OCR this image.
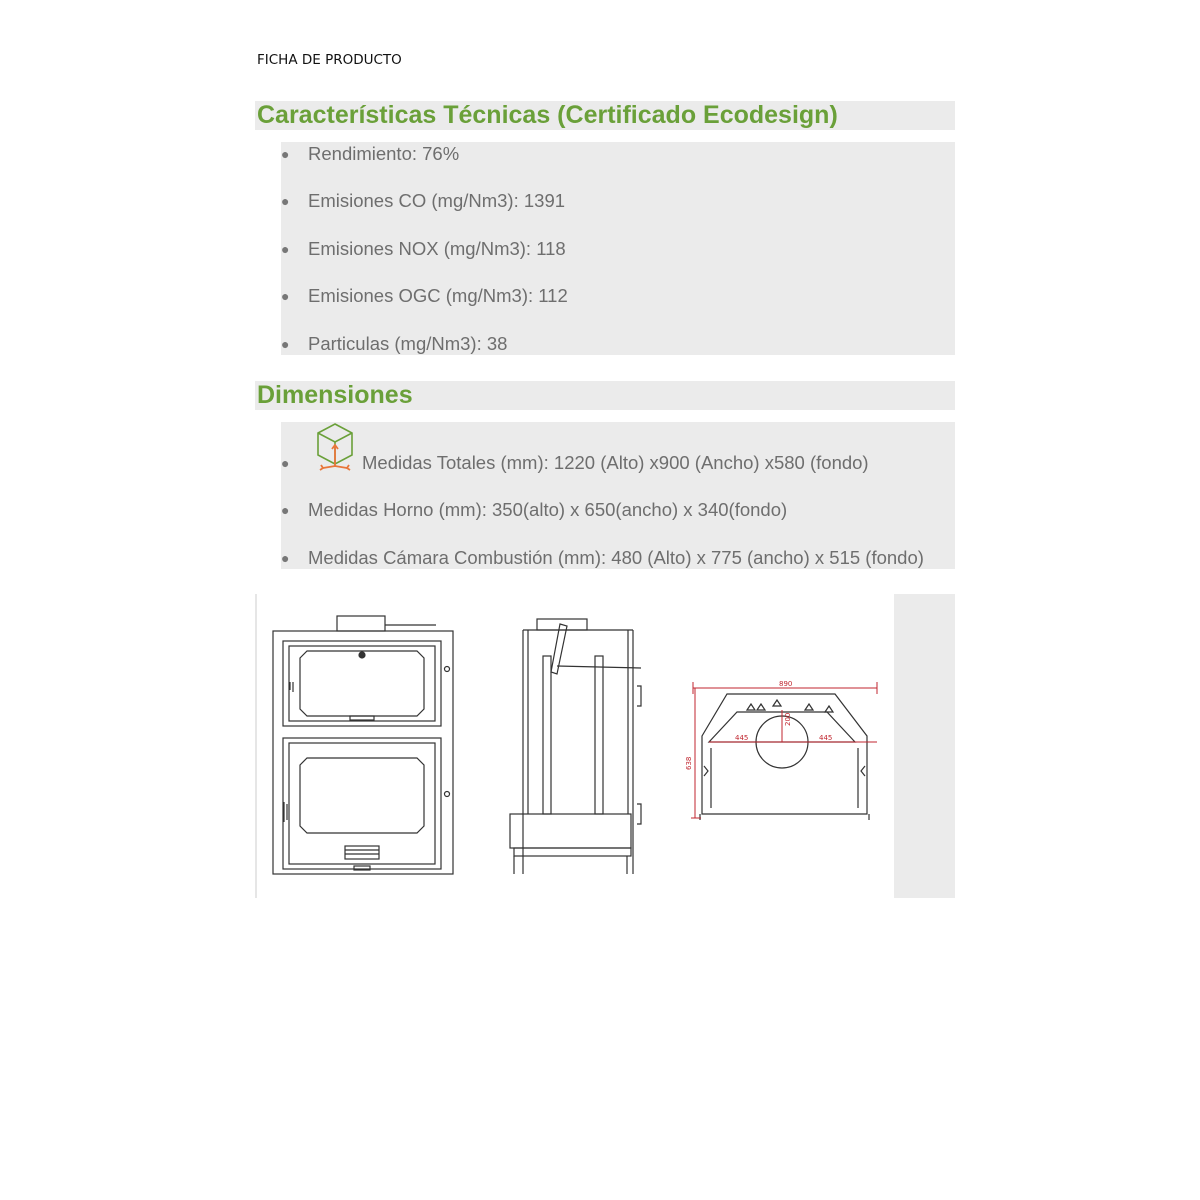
FICHA DE PRODUCTO
Características Técnicas (Certificado Ecodesign)
● Rendimiento: 76%
● Emisiones CO (mg/Nm3): 1391
● Emisiones NOX (mg/Nm3): 118
● Emisiones OGC (mg/Nm3): 112
● Particulas (mg/Nm3): 38
Dimensiones
●	Medidas Totales (mm): 1220 (Alto) x900 (Ancho) x580 (fondo)
● Medidas Horno (mm): 350(alto) x 650(ancho) x 340(fondo)
● Medidas Cámara Combustión (mm): 480 (Alto) x 775 (ancho) x 515 (fondo)
890
638
445	445
200
